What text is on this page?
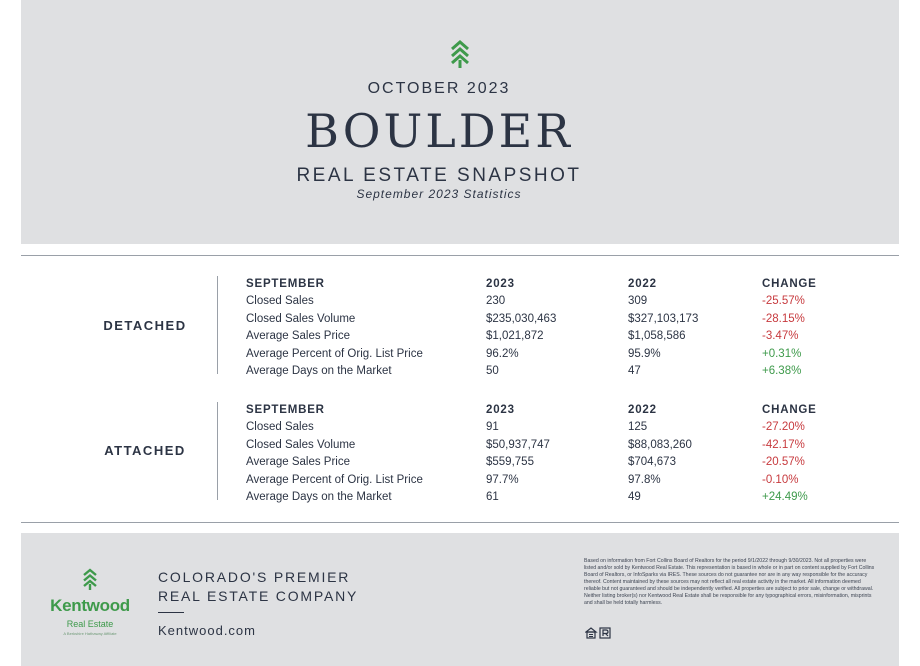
OCTOBER 2023
BOULDER
REAL ESTATE SNAPSHOT
September 2023 Statistics
DETACHED
SEPTEMBER	2023	2022	CHANGE
Closed Sales	230	309	-25.57%
Closed Sales Volume	$235,030,463	$327,103,173	-28.15%
Average Sales Price	$1,021,872	$1,058,586	-3.47%
Average Percent of Orig. List Price	96.2%	95.9%	+0.31%
Average Days on the Market	50	47	+6.38%
ATTACHED
SEPTEMBER	2023	2022	CHANGE
Closed Sales	91	125	-27.20%
Closed Sales Volume	$50,937,747	$88,083,260	-42.17%
Average Sales Price	$559,755	$704,673	-20.57%
Average Percent of Orig. List Price	97.7%	97.8%	-0.10%
Average Days on the Market	61	49	+24.49%
Kentwood
Real Estate
A Berkshire Hathaway Affiliate
COLORADO'S PREMIER
REAL ESTATE COMPANY
Kentwood.com
Based on information from Fort Collins Board of Realtors for the period 9/1/2022 through 9/30/2023. Not all properties were listed and/or sold by Kentwood Real Estate. This representation is based in whole or in part on content supplied by Fort Collins Board of Realtors, or InfoSparks via IRES. These sources do not guarantee nor are in any way responsible for the accuracy thereof. Content maintained by these sources may not reflect all real estate activity in the market. All information deemed reliable but not guaranteed and should be independently verified. All properties are subject to prior sale, change or withdrawal. Neither listing broker(s) nor Kentwood Real Estate shall be responsible for any typographical errors, misinformation, misprints and shall be held totally harmless.
